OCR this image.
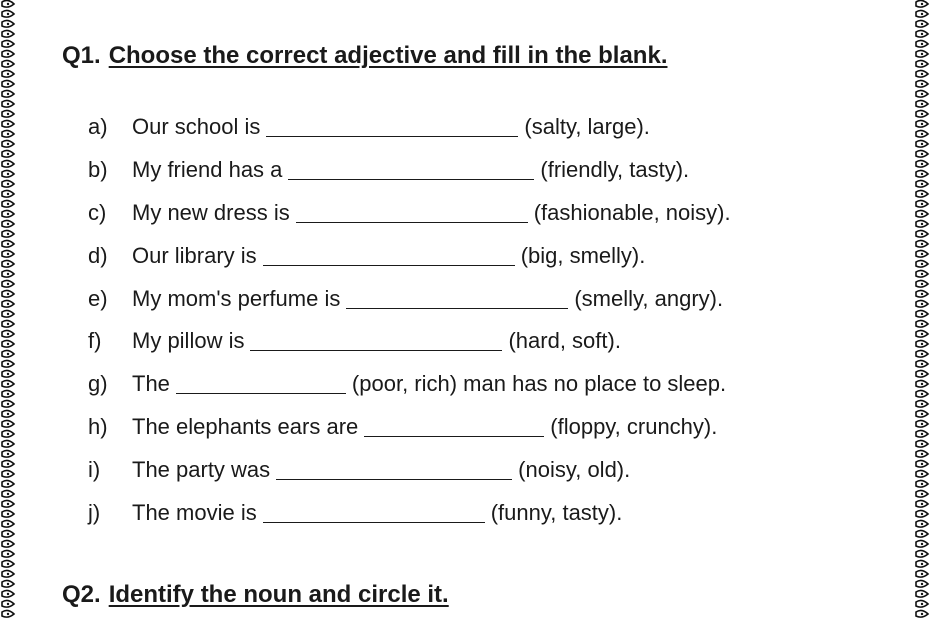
Q1. Choose the correct adjective and fill in the blank.
a)	Our school is	(salty, large).
b)	My friend has a	(friendly, tasty).
c)	My new dress is	(fashionable, noisy).
d)	Our library is	(big, smelly).
e)	My mom's perfume is	(smelly, angry).
f)	My pillow is	(hard, soft).
g)	The	(poor, rich) man has no place to sleep.
h)	The elephants ears are	(floppy, crunchy).
i)	The party was	(noisy, old).
j)	The movie is	(funny, tasty).
Q2. Identify the noun and circle it.
